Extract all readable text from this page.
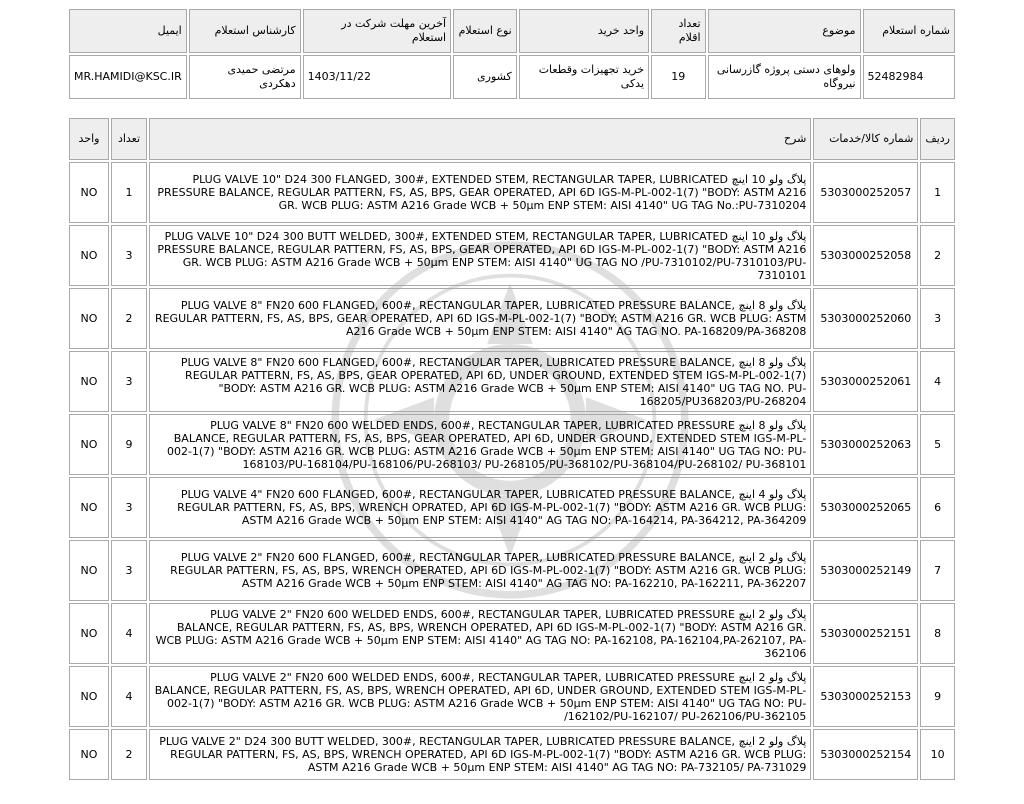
شماره استعلام	موضوع	تعداد اقلام	واحد خرید	نوع استعلام	آخرین مهلت شرکت در استعلام	کارشناس استعلام	ایمیل
52482984	ولوهای دستی پروژه گازرسانی نیروگاه	19	خرید تجهیزات وقطعات یدکی	کشوری	1403/11/22	مرتضی حمیدی دهکردی	MR.HAMIDI@KSC.IR
ردیف	شماره کالا/خدمات	شرح	تعداد	واحد
1	5303000252057	پلاگ ولو 10 اینچ PLUG VALVE 10" D24 300 FLANGED, 300#, EXTENDED STEM, RECTANGULAR TAPER, LUBRICATED PRESSURE BALANCE, REGULAR PATTERN, FS, AS, BPS, GEAR OPERATED, API 6D IGS-M-PL-002-1(7) "BODY: ASTM A216 GR. WCB PLUG: ASTM A216 Grade WCB + 50µm ENP STEM: AISI 4140" UG TAG No.:PU-7310204	1	NO
2	5303000252058	پلاگ ولو 10 اینچ PLUG VALVE 10" D24 300 BUTT WELDED, 300#, EXTENDED STEM, RECTANGULAR TAPER, LUBRICATED PRESSURE BALANCE, REGULAR PATTERN, FS, AS, BPS, GEAR OPERATED, API 6D IGS-M-PL-002-1(7) "BODY: ASTM A216 GR. WCB PLUG: ASTM A216 Grade WCB + 50µm ENP STEM: AISI 4140" UG TAG NO /PU-7310102/PU-7310103/PU-7310101	3	NO
3	5303000252060	پلاگ ولو 8 اینچ PLUG VALVE 8" FN20 600 FLANGED, 600#, RECTANGULAR TAPER, LUBRICATED PRESSURE BALANCE, REGULAR PATTERN, FS, AS, BPS, GEAR OPERATED, API 6D IGS-M-PL-002-1(7) "BODY: ASTM A216 GR. WCB PLUG: ASTM A216 Grade WCB + 50µm ENP STEM: AISI 4140" AG TAG NO. PA-168209/PA-368208	2	NO
4	5303000252061	پلاگ ولو 8 اینچ PLUG VALVE 8" FN20 600 FLANGED, 600#, RECTANGULAR TAPER, LUBRICATED PRESSURE BALANCE, REGULAR PATTERN, FS, AS, BPS, GEAR OPERATED, API 6D, UNDER GROUND, EXTENDED STEM IGS-M-PL-002-1(7) "BODY: ASTM A216 GR. WCB PLUG: ASTM A216 Grade WCB + 50µm ENP STEM: AISI 4140" UG TAG NO. PU-168205/PU368203/PU-268204	3	NO
5	5303000252063	پلاگ ولو 8 اینچ PLUG VALVE 8" FN20 600 WELDED ENDS, 600#, RECTANGULAR TAPER, LUBRICATED PRESSURE BALANCE, REGULAR PATTERN, FS, AS, BPS, GEAR OPERATED, API 6D, UNDER GROUND, EXTENDED STEM IGS-M-PL-002-1(7) "BODY: ASTM A216 GR. WCB PLUG: ASTM A216 Grade WCB + 50µm ENP STEM: AISI 4140" UG TAG NO: PU-168103/PU-168104/PU-168106/PU-268103/ PU-268105/PU-368102/PU-368104/PU-268102/ PU-368101	9	NO
6	5303000252065	پلاگ ولو 4 اینچ PLUG VALVE 4" FN20 600 FLANGED, 600#, RECTANGULAR TAPER, LUBRICATED PRESSURE BALANCE, REGULAR PATTERN, FS, AS, BPS, WRENCH OPRATED, API 6D IGS-M-PL-002-1(7) "BODY: ASTM A216 GR. WCB PLUG: ASTM A216 Grade WCB + 50µm ENP STEM: AISI 4140" AG TAG NO: PA-164214, PA-364212, PA-364209	3	NO
7	5303000252149	پلاگ ولو 2 اینچ PLUG VALVE 2" FN20 600 FLANGED, 600#, RECTANGULAR TAPER, LUBRICATED PRESSURE BALANCE, REGULAR PATTERN, FS, AS, BPS, WRENCH OPERATED, API 6D IGS-M-PL-002-1(7) "BODY: ASTM A216 GR. WCB PLUG: ASTM A216 Grade WCB + 50µm ENP STEM: AISI 4140" AG TAG NO: PA-162210, PA-162211, PA-362207	3	NO
8	5303000252151	پلاگ ولو 2 اینچ PLUG VALVE 2" FN20 600 WELDED ENDS, 600#, RECTANGULAR TAPER, LUBRICATED PRESSURE BALANCE, REGULAR PATTERN, FS, AS, BPS, WRENCH OPERATED, API 6D IGS-M-PL-002-1(7) "BODY: ASTM A216 GR. WCB PLUG: ASTM A216 Grade WCB + 50µm ENP STEM: AISI 4140" AG TAG NO: PA-162108, PA-162104,PA-262107, PA-362106	4	NO
9	5303000252153	پلاگ ولو 2 اینچ PLUG VALVE 2" FN20 600 WELDED ENDS, 600#, RECTANGULAR TAPER, LUBRICATED PRESSURE BALANCE, REGULAR PATTERN, FS, AS, BPS, WRENCH OPERATED, API 6D, UNDER GROUND, EXTENDED STEM IGS-M-PL-002-1(7) "BODY: ASTM A216 GR. WCB PLUG: ASTM A216 Grade WCB + 50µm ENP STEM: AISI 4140" UG TAG NO: PU-162102/PU-162107/ PU-262106/PU-362105/	4	NO
10	5303000252154	پلاگ ولو 2 اینچ PLUG VALVE 2" D24 300 BUTT WELDED, 300#, RECTANGULAR TAPER, LUBRICATED PRESSURE BALANCE, REGULAR PATTERN, FS, AS, BPS, WRENCH OPERATED, API 6D IGS-M-PL-002-1(7) "BODY: ASTM A216 GR. WCB PLUG: ASTM A216 Grade WCB + 50µm ENP STEM: AISI 4140" AG TAG NO: PA-732105/ PA-731029	2	NO
